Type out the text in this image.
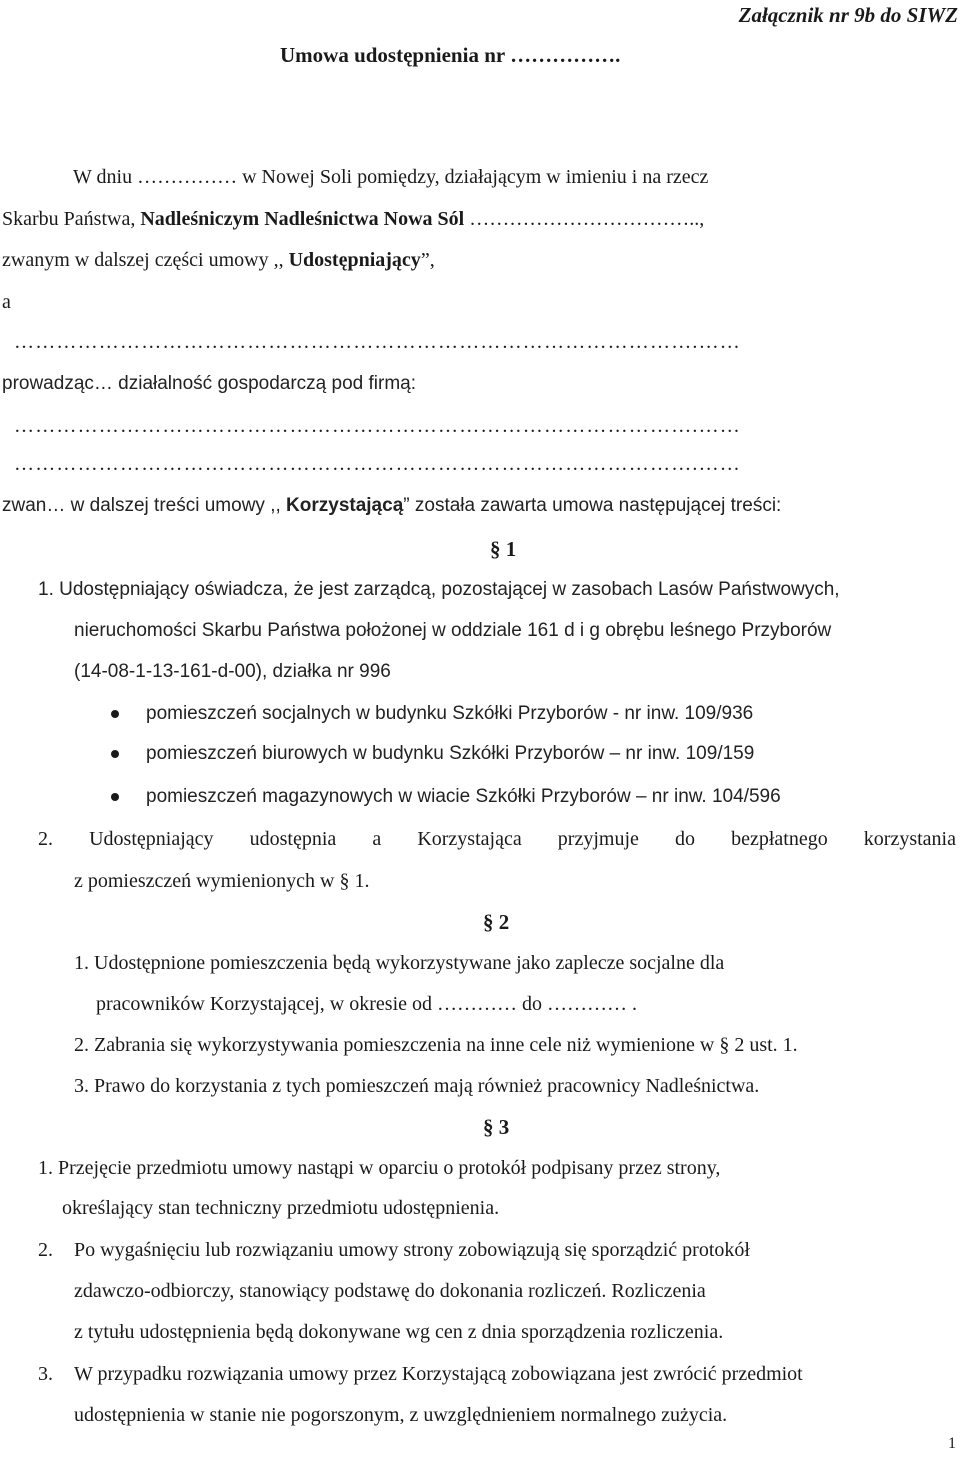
Załącznik nr 9b do SIWZ
Umowa udostępnienia nr …………….
W dniu …………… w Nowej Soli pomiędzy, działającym w imieniu i na rzecz
Skarbu Państwa, Nadleśniczym Nadleśnictwa Nowa Sól ……………………………..,
zwanym w dalszej części umowy ,, Udostępniający”,
a
…………………………………………………………………………………….……
prowadząc… działalność gospodarczą pod firmą:
…………………………………………………………………………………….……
…………………………………………………………………………………….……
zwan… w dalszej treści umowy ,, Korzystającą” została zawarta umowa następującej treści:
§ 1
1. Udostępniający oświadcza, że jest zarządcą, pozostającej w zasobach Lasów Państwowych,
nieruchomości Skarbu Państwa położonej w oddziale 161 d i g obrębu leśnego Przyborów
(14-08-1-13-161-d-00), działka nr 996
pomieszczeń socjalnych w budynku Szkółki Przyborów - nr inw. 109/936
pomieszczeń biurowych w budynku Szkółki Przyborów – nr inw. 109/159
pomieszczeń magazynowych w wiacie Szkółki Przyborów – nr inw. 104/596
2. Udostępniający udostępnia a Korzystająca przyjmuje do bezpłatnego korzystania
z pomieszczeń wymienionych w § 1.
§ 2
1. Udostępnione pomieszczenia będą wykorzystywane jako zaplecze socjalne dla
pracowników Korzystającej, w okresie od ………… do ………… .
2. Zabrania się wykorzystywania pomieszczenia na inne cele niż wymienione w § 2 ust. 1.
3. Prawo do korzystania z tych pomieszczeń mają również pracownicy Nadleśnictwa.
§ 3
1. Przejęcie przedmiotu umowy nastąpi w oparciu o protokół podpisany przez strony,
określający stan techniczny przedmiotu udostępnienia.
2. Po wygaśnięciu lub rozwiązaniu umowy strony zobowiązują się sporządzić protokół
zdawczo-odbiorczy, stanowiący podstawę do dokonania rozliczeń. Rozliczenia
z tytułu udostępnienia będą dokonywane wg cen z dnia sporządzenia rozliczenia.
3. W przypadku rozwiązania umowy przez Korzystającą zobowiązana jest zwrócić przedmiot
udostępnienia w stanie nie pogorszonym, z uwzględnieniem normalnego zużycia.
1
